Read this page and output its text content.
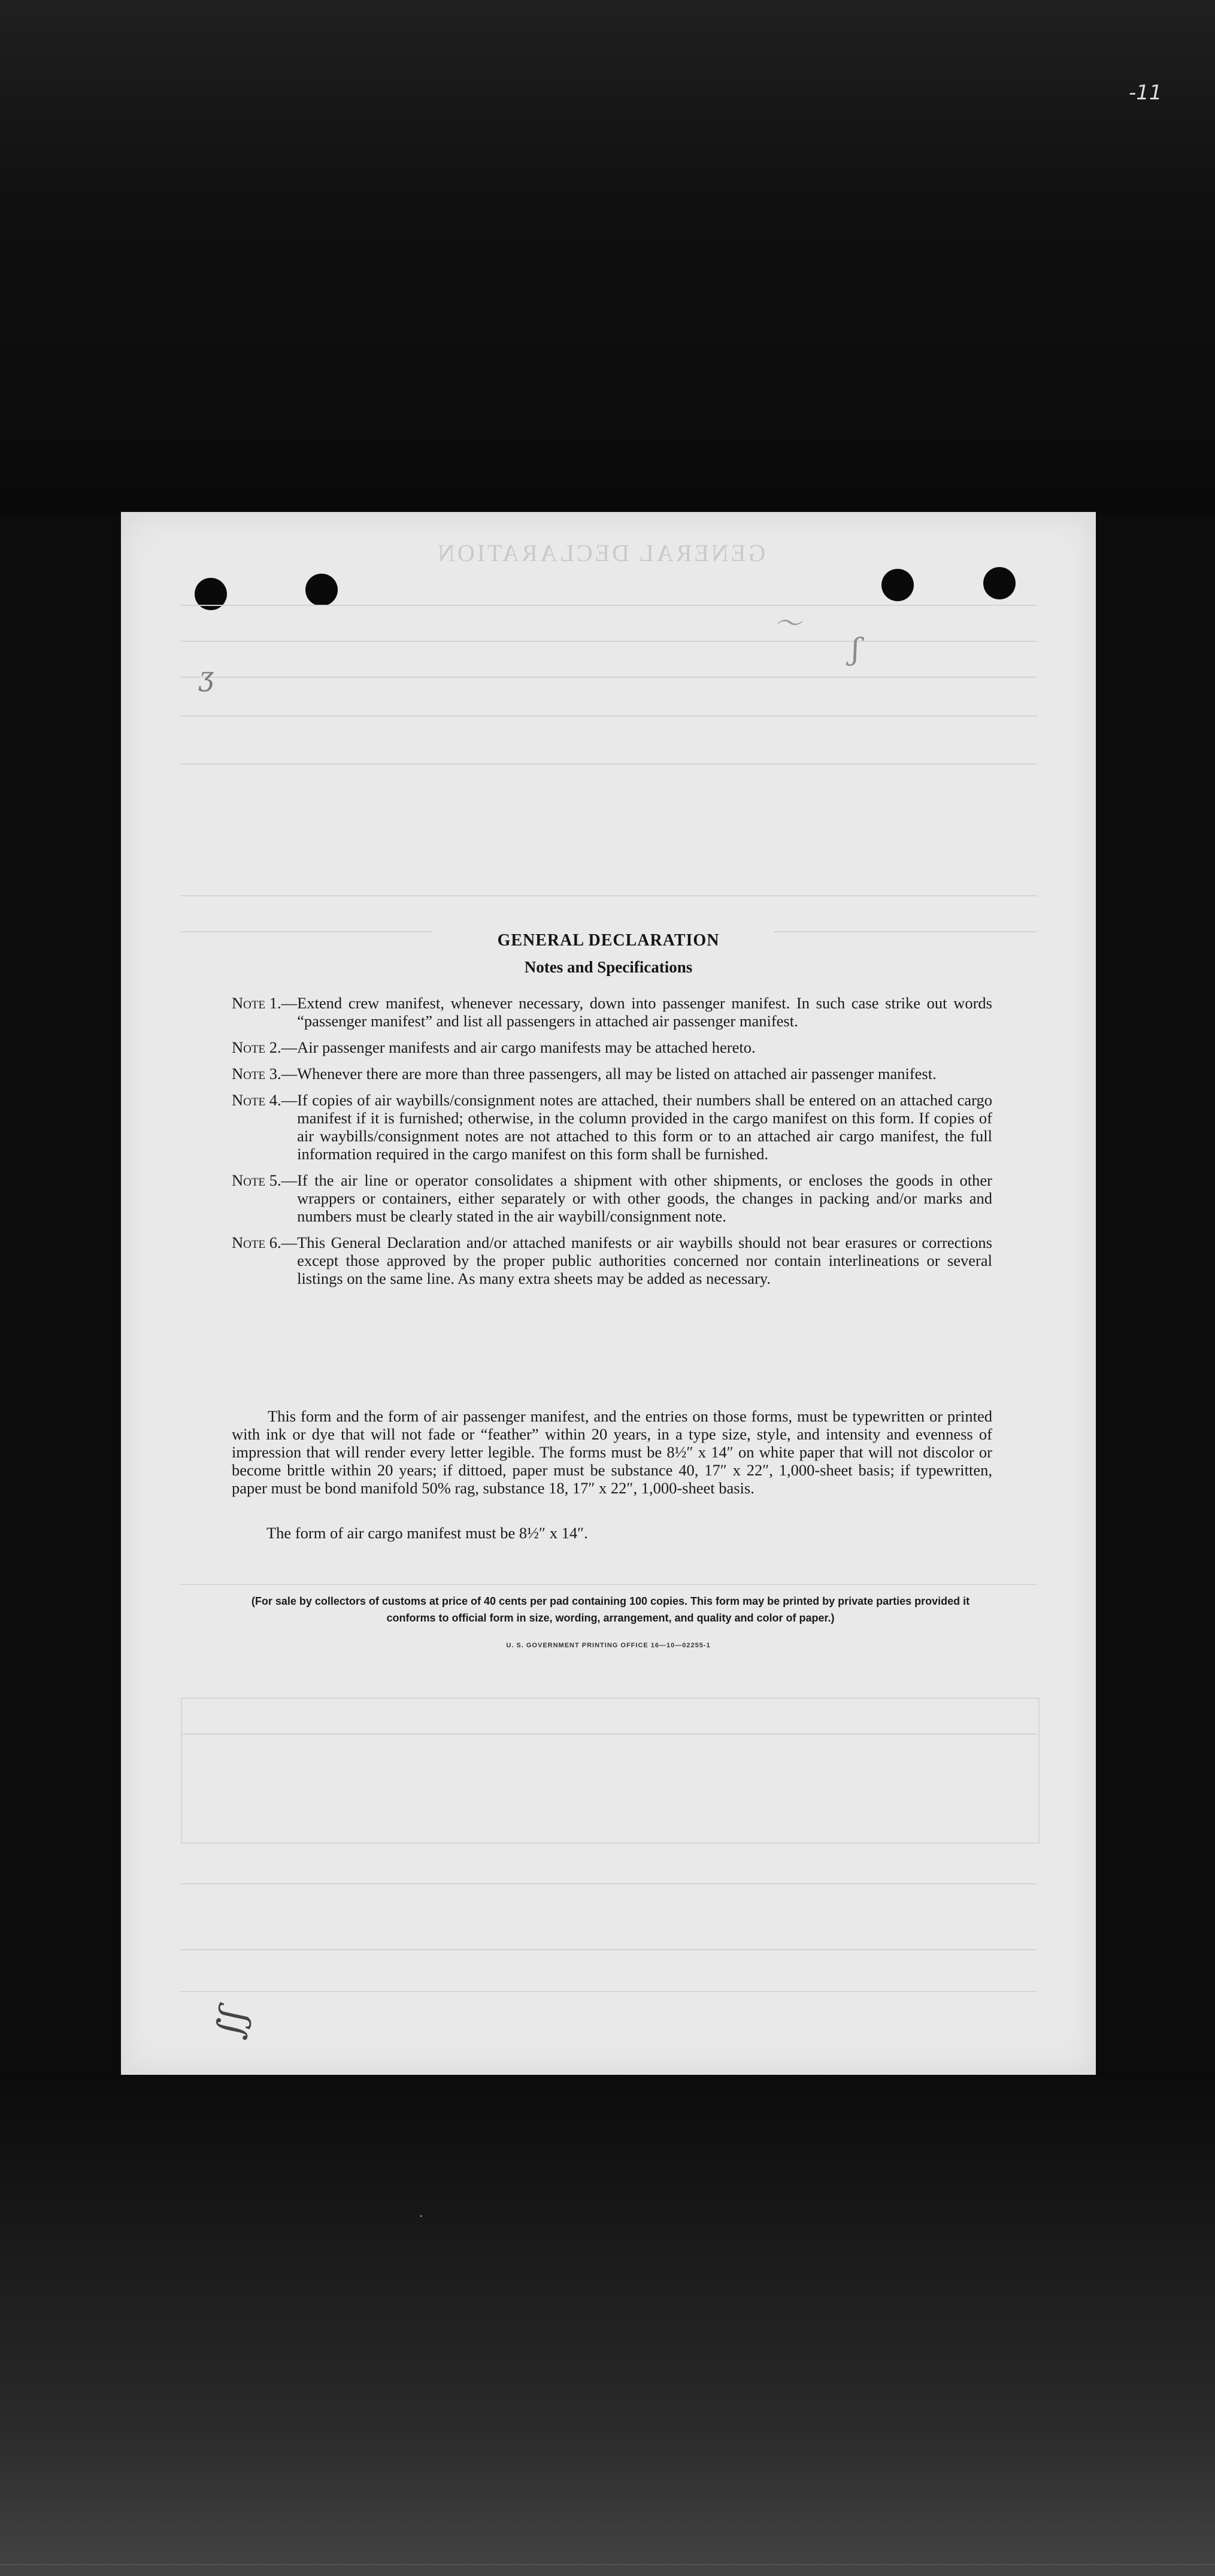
-11
ᐧ
GENERAL DECLARATION
〜
ʃ
ʒ
∫ʃ
GENERAL DECLARATION
Notes and Specifications
Note 1.— Extend crew manifest, whenever necessary, down into passenger manifest. In such case strike out words “passenger manifest” and list all passengers in attached air passenger manifest.
Note 2.— Air passenger manifests and air cargo manifests may be attached hereto.
Note 3.— Whenever there are more than three passengers, all may be listed on attached air passenger manifest.
Note 4.— If copies of air waybills/consignment notes are attached, their numbers shall be entered on an attached cargo manifest if it is furnished; otherwise, in the column provided in the cargo manifest on this form. If copies of air waybills/consignment notes are not attached to this form or to an attached air cargo manifest, the full information required in the cargo manifest on this form shall be furnished.
Note 5.— If the air line or operator consolidates a shipment with other shipments, or encloses the goods in other wrappers or containers, either separately or with other goods, the changes in packing and/or marks and numbers must be clearly stated in the air waybill/consignment note.
Note 6.— This General Declaration and/or attached manifests or air waybills should not bear erasures or corrections except those approved by the proper public authorities concerned nor contain interlineations or several listings on the same line. As many extra sheets may be added as necessary.
This form and the form of air passenger manifest, and the entries on those forms, must be typewritten or printed with ink or dye that will not fade or “feather” within 20 years, in a type size, style, and intensity and evenness of impression that will render every letter legible. The forms must be 8½″ x 14″ on white paper that will not discolor or become brittle within 20 years; if dittoed, paper must be substance 40, 17″ x 22″, 1,000-sheet basis; if typewritten, paper must be bond manifold 50% rag, substance 18, 17″ x 22″, 1,000-sheet basis.
The form of air cargo manifest must be 8½″ x 14″.
(For sale by collectors of customs at price of 40 cents per pad containing 100 copies. This form may be printed by private parties provided it conforms to official form in size, wording, arrangement, and quality and color of paper.)
U. S. GOVERNMENT PRINTING OFFICE 16—10—02255-1
